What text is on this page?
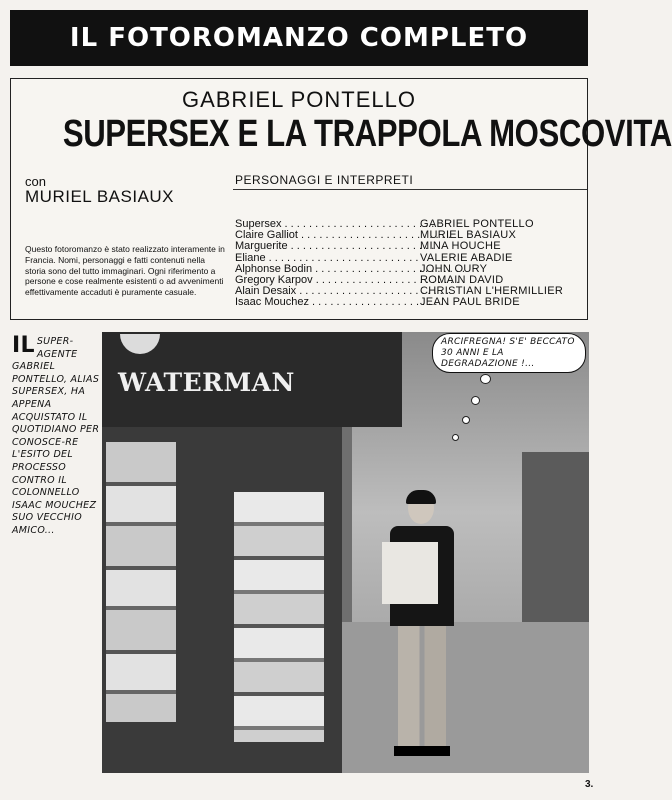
IL FOTOROMANZO COMPLETO
GABRIEL PONTELLO
SUPERSEX E LA TRAPPOLA MOSCOVITA
con
MURIEL BASIAUX
PERSONAGGI E INTERPRETI
Questo fotoromanzo è stato realizzato interamente in Francia. Nomi, personaggi e fatti contenuti nella storia sono del tutto immaginari. Ogni riferimento a persone e cose realmente esistenti o ad avvenimenti effettivamente accaduti è puramente casuale.
Supersex . . .	GABRIEL PONTELLO
Claire Galliot . . .	MURIEL BASIAUX
Marguerite . . .	MINA HOUCHE
Eliane . . .	VALERIE ABADIE
Alphonse Bodin . . .	JOHN OURY
Gregory Karpov . . .	ROMAIN DAVID
Alain Desaix . . .	CHRISTIAN L'HERMILLIER
Isaac Mouchez . . .	JEAN PAUL BRIDE
IL SUPER-AGENTE GABRIEL PONTELLO, ALIAS SUPERSEX, HA APPENA ACQUISTATO IL QUOTIDIANO PER CONOSCE-RE L'ESITO DEL PROCESSO CONTRO IL COLONNELLO ISAAC MOUCHEZ SUO VECCHIO AMICO...
WATERMAN
ARCIFREGNA! S'E' BECCATO 30 ANNI E LA DEGRADAZIONE !...
3.
